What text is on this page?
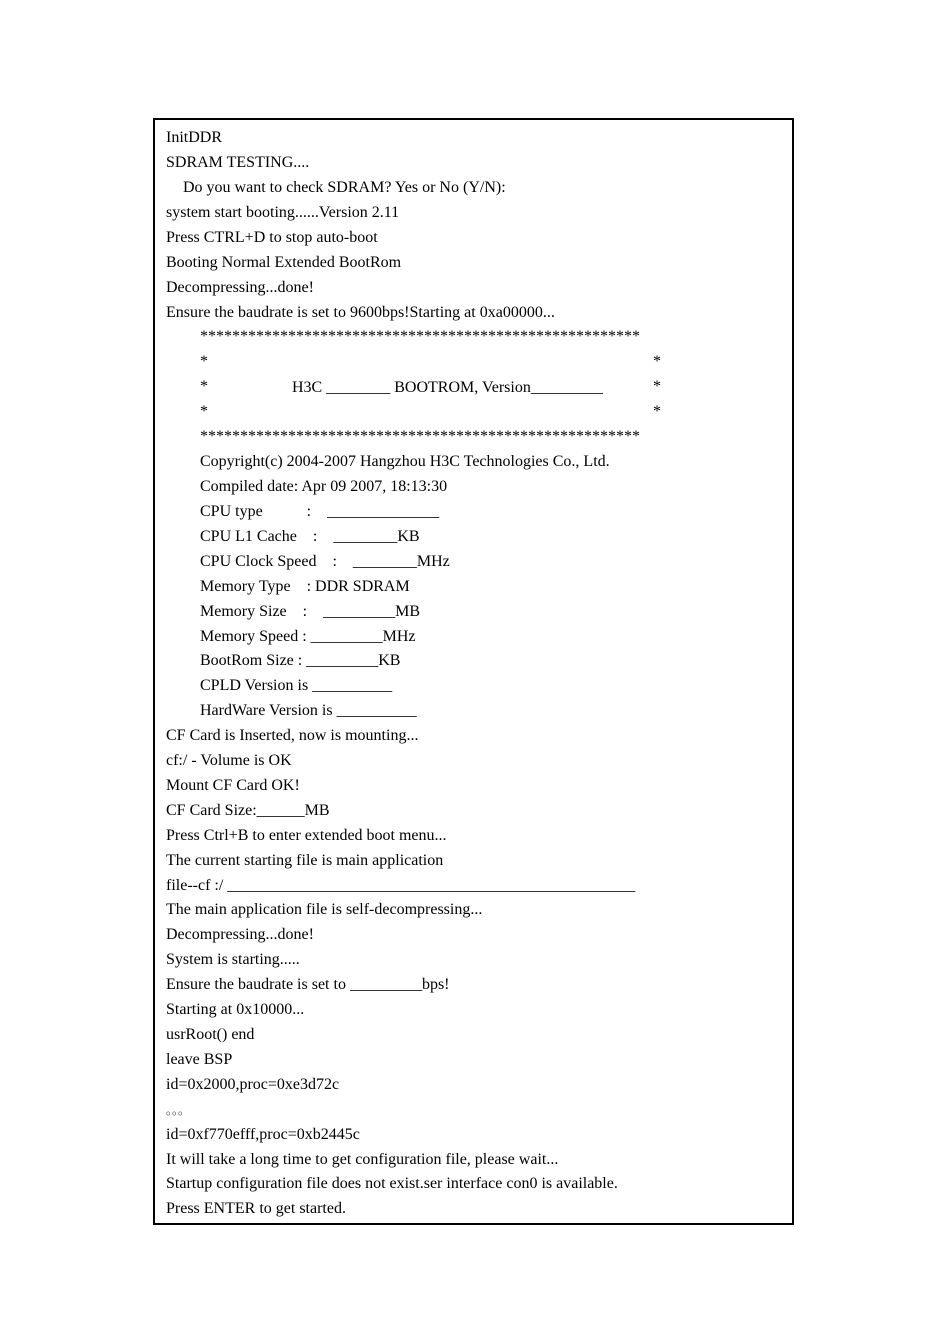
InitDDR
SDRAM TESTING....
Do you want to check SDRAM? Yes or No (Y/N):
system start booting......Version 2.11
Press CTRL+D to stop auto-boot
Booting Normal Extended BootRom
Decompressing...done!
Ensure the baudrate is set to 9600bps!Starting at 0xa00000...
*******************************************************
*	*
*	H3C ________ BOOTROM, Version_________	*
*	*
*******************************************************
Copyright(c) 2004-2007 Hangzhou H3C Technologies Co., Ltd.
Compiled date: Apr 09 2007, 18:13:30
CPU type           :    ______________
CPU L1 Cache    :    ________KB
CPU Clock Speed    :    ________MHz
Memory Type    : DDR SDRAM
Memory Size    :    _________MB
Memory Speed : _________MHz
BootRom Size : _________KB
CPLD Version is __________
HardWare Version is __________
CF Card is Inserted, now is mounting...
cf:/ - Volume is OK
Mount CF Card OK!
CF Card Size:______MB
Press Ctrl+B to enter extended boot menu...
The current starting file is main application
file--cf :/ ___________________________________________________
The main application file is self-decompressing...
Decompressing...done!
System is starting.....
Ensure the baudrate is set to _________bps!
Starting at 0x10000...
usrRoot() end
leave BSP
id=0x2000,proc=0xe3d72c
。。。
id=0xf770efff,proc=0xb2445c
It will take a long time to get configuration file, please wait...
Startup configuration file does not exist.ser interface con0 is available.
Press ENTER to get started.
